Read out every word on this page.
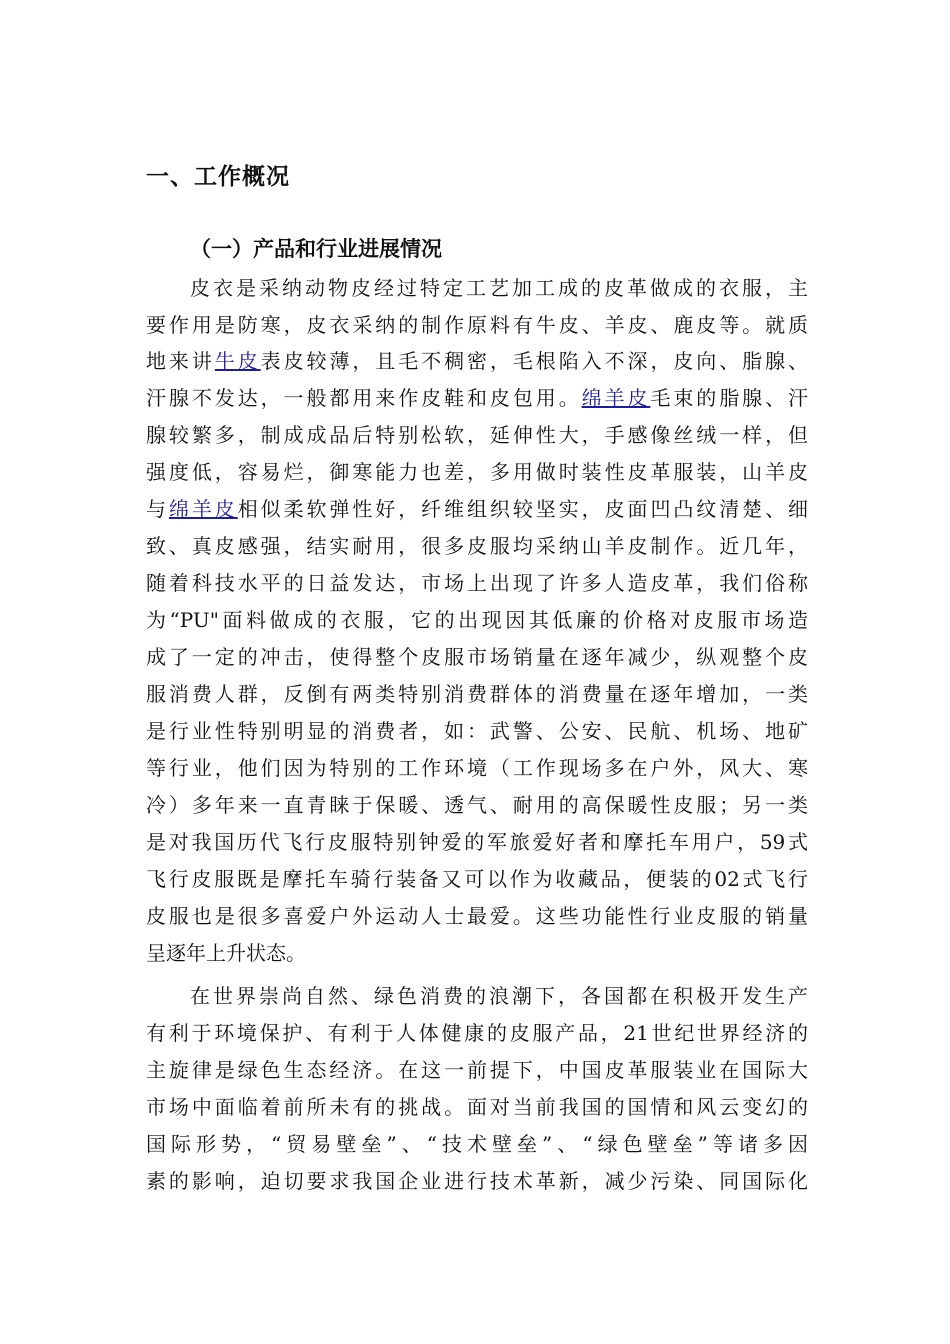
一、工作概况
（一）产品和行业进展情况
皮衣是采纳动物皮经过特定工艺加工成的皮革做成的衣服，主
要作用是防寒，皮衣采纳的制作原料有牛皮、羊皮、鹿皮等。就质
地来讲牛皮表皮较薄，且毛不稠密，毛根陷入不深，皮向、脂腺、
汗腺不发达，一般都用来作皮鞋和皮包用。绵羊皮毛束的脂腺、汗
腺较繁多，制成成品后特别松软，延伸性大，手感像丝绒一样，但
强度低，容易烂，御寒能力也差，多用做时装性皮革服装，山羊皮
与绵羊皮相似柔软弹性好，纤维组织较坚实，皮面凹凸纹清楚、细
致、真皮感强，结实耐用，很多皮服均采纳山羊皮制作。近几年，
随着科技水平的日益发达，市场上出现了许多人造皮革，我们俗称
为“PU"面料做成的衣服，它的出现因其低廉的价格对皮服市场造
成了一定的冲击，使得整个皮服市场销量在逐年减少，纵观整个皮
服消费人群，反倒有两类特别消费群体的消费量在逐年增加，一类
是行业性特别明显的消费者，如：武警、公安、民航、机场、地矿
等行业，他们因为特别的工作环境（工作现场多在户外，风大、寒
冷）多年来一直青睐于保暖、透气、耐用的高保暖性皮服；另一类
是对我国历代飞行皮服特别钟爱的军旅爱好者和摩托车用户，59式
飞行皮服既是摩托车骑行装备又可以作为收藏品，便装的02式飞行
皮服也是很多喜爱户外运动人士最爱。这些功能性行业皮服的销量
呈逐年上升状态。
在世界崇尚自然、绿色消费的浪潮下，各国都在积极开发生产
有利于环境保护、有利于人体健康的皮服产品，21世纪世界经济的
主旋律是绿色生态经济。在这一前提下，中国皮革服装业在国际大
市场中面临着前所未有的挑战。面对当前我国的国情和风云变幻的
国际形势，“贸易壁垒”、“技术壁垒”、“绿色壁垒”等诸多因
素的影响，迫切要求我国企业进行技术革新，减少污染、同国际化
